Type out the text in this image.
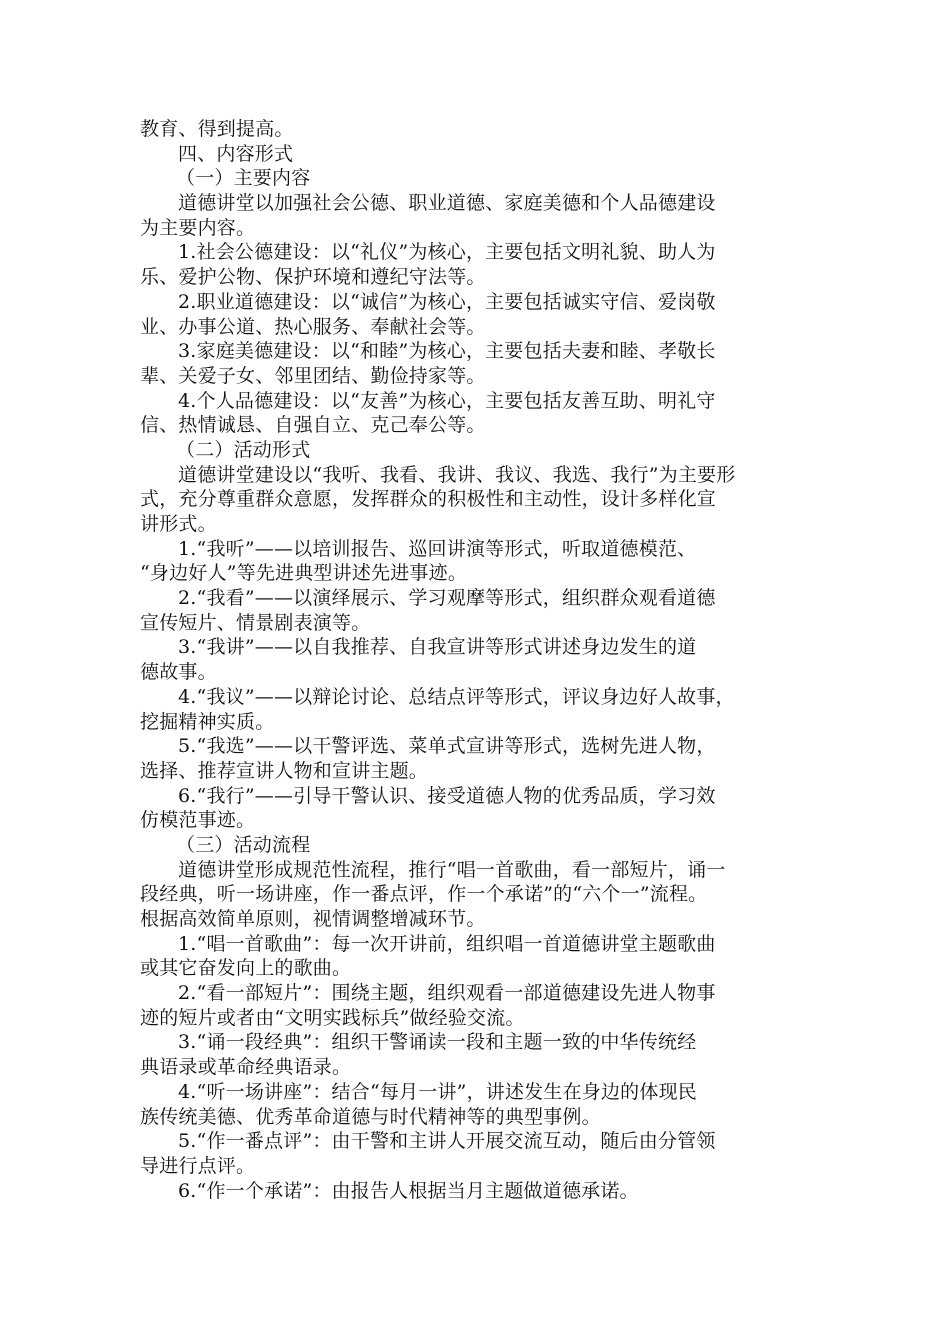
教育、得到提高。
四、内容形式
（一）主要内容
道德讲堂以加强社会公德、职业道德、家庭美德和个人品德建设
为主要内容。
1.社会公德建设：以“礼仪”为核心，主要包括文明礼貌、助人为
乐、爱护公物、保护环境和遵纪守法等。
2.职业道德建设：以“诚信”为核心，主要包括诚实守信、爱岗敬
业、办事公道、热心服务、奉献社会等。
3.家庭美德建设：以“和睦”为核心，主要包括夫妻和睦、孝敬长
辈、关爱子女、邻里团结、勤俭持家等。
4.个人品德建设：以“友善”为核心，主要包括友善互助、明礼守
信、热情诚恳、自强自立、克己奉公等。
（二）活动形式
道德讲堂建设以“我听、我看、我讲、我议、我选、我行”为主要形
式，充分尊重群众意愿，发挥群众的积极性和主动性，设计多样化宣
讲形式。
1.“我听”——以培训报告、巡回讲演等形式，听取道德模范、
“身边好人”等先进典型讲述先进事迹。
2.“我看”——以演绎展示、学习观摩等形式，组织群众观看道德
宣传短片、情景剧表演等。
3.“我讲”——以自我推荐、自我宣讲等形式讲述身边发生的道
德故事。
4.“我议”——以辩论讨论、总结点评等形式，评议身边好人故事，
挖掘精神实质。
5.“我选”——以干警评选、菜单式宣讲等形式，选树先进人物，
选择、推荐宣讲人物和宣讲主题。
6.“我行”——引导干警认识、接受道德人物的优秀品质，学习效
仿模范事迹。
（三）活动流程
道德讲堂形成规范性流程，推行“唱一首歌曲，看一部短片，诵一
段经典，听一场讲座，作一番点评，作一个承诺”的“六个一”流程。
根据高效简单原则，视情调整增减环节。
1.“唱一首歌曲”：每一次开讲前，组织唱一首道德讲堂主题歌曲
或其它奋发向上的歌曲。
2.“看一部短片”：围绕主题，组织观看一部道德建设先进人物事
迹的短片或者由“文明实践标兵”做经验交流。
3.“诵一段经典”：组织干警诵读一段和主题一致的中华传统经
典语录或革命经典语录。
4.“听一场讲座”：结合“每月一讲”，讲述发生在身边的体现民
族传统美德、优秀革命道德与时代精神等的典型事例。
5.“作一番点评”：由干警和主讲人开展交流互动，随后由分管领
导进行点评。
6.“作一个承诺”：由报告人根据当月主题做道德承诺。
